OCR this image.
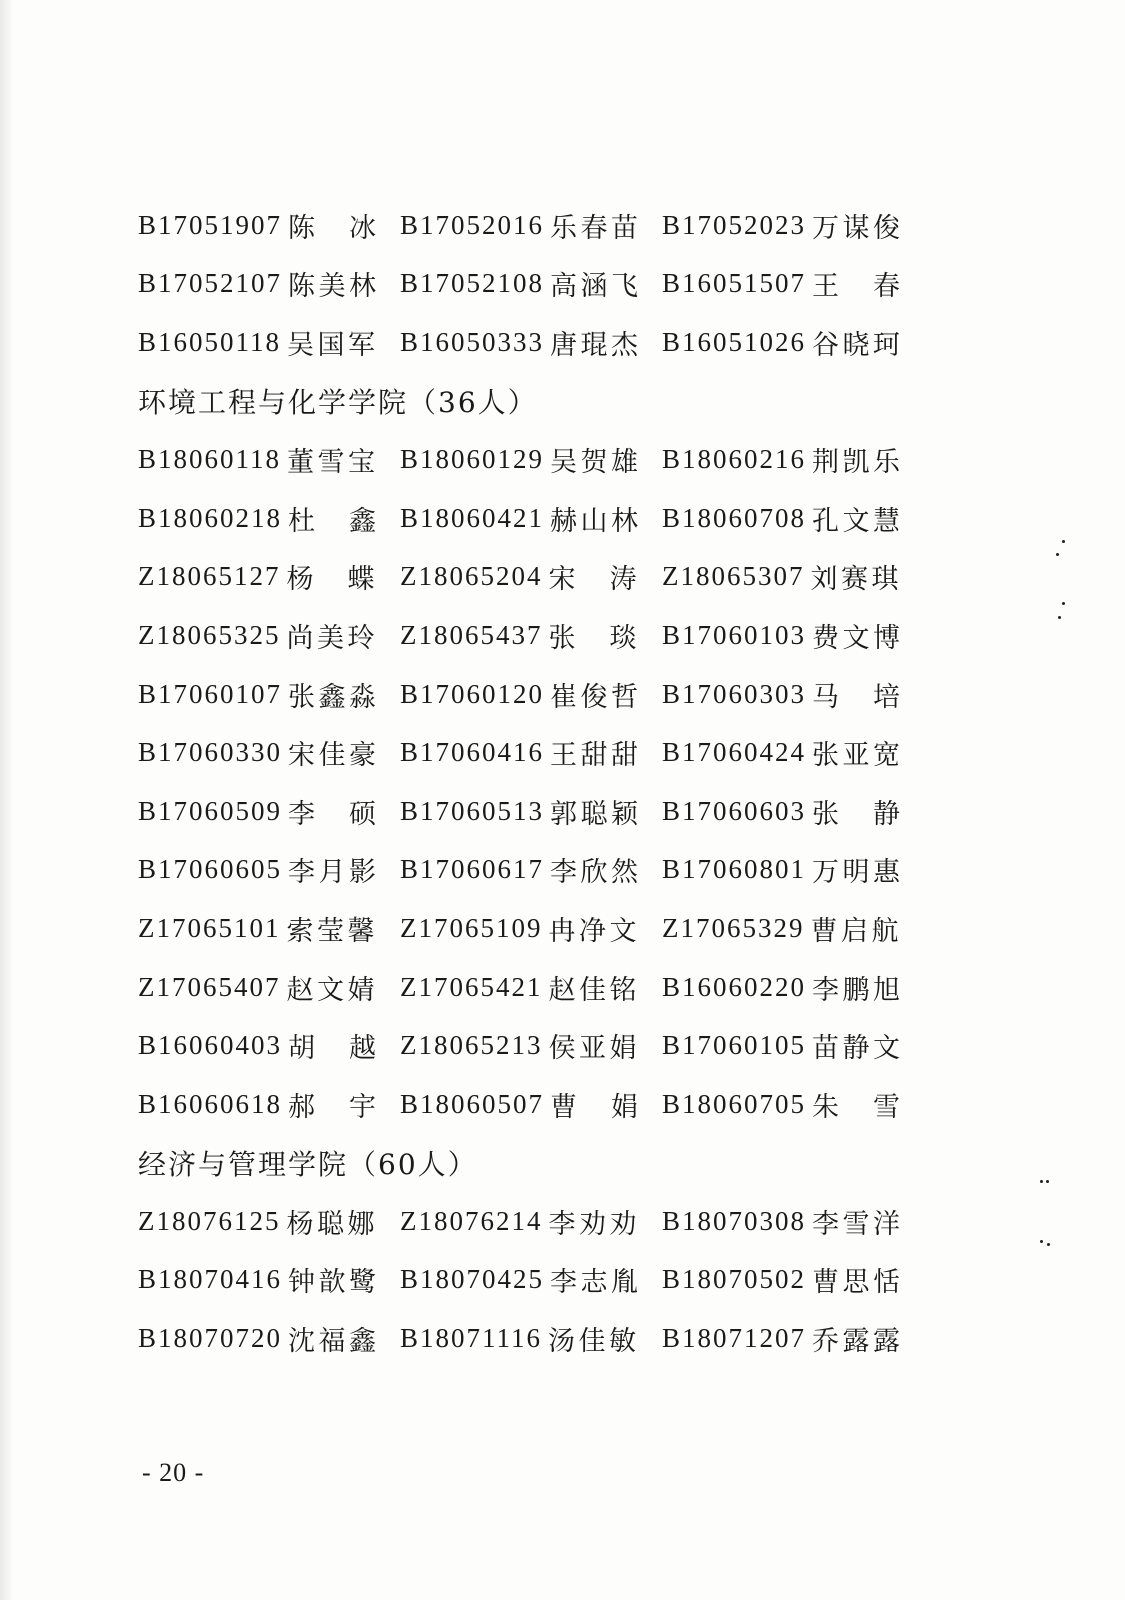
B17051907 陈　冰 B17052016 乐春苗 B17052023 万谋俊
B17052107 陈美林 B17052108 高涵飞 B16051507 王　春
B16050118 吴国军 B16050333 唐琨杰 B16051026 谷晓珂
环境工程与化学学院（36人）
B18060118 董雪宝 B18060129 吴贺雄 B18060216 荆凯乐
B18060218 杜　鑫 B18060421 赫山林 B18060708 孔文慧
Z18065127 杨　蝶 Z18065204 宋　涛 Z18065307 刘赛琪
Z18065325 尚美玲 Z18065437 张　琰 B17060103 费文博
B17060107 张鑫淼 B17060120 崔俊哲 B17060303 马　培
B17060330 宋佳豪 B17060416 王甜甜 B17060424 张亚宽
B17060509 李　硕 B17060513 郭聪颖 B17060603 张　静
B17060605 李月影 B17060617 李欣然 B17060801 万明惠
Z17065101 索莹馨 Z17065109 冉净文 Z17065329 曹启航
Z17065407 赵文婧 Z17065421 赵佳铭 B16060220 李鹏旭
B16060403 胡　越 Z18065213 侯亚娟 B17060105 苗静文
B16060618 郝　宇 B18060507 曹　娟 B18060705 朱　雪
经济与管理学院（60人）
Z18076125 杨聪娜 Z18076214 李劝劝 B18070308 李雪洋
B18070416 钟歆鹭 B18070425 李志胤 B18070502 曹思恬
B18070720 沈福鑫 B18071116 汤佳敏 B18071207 乔露露
- 20 -
